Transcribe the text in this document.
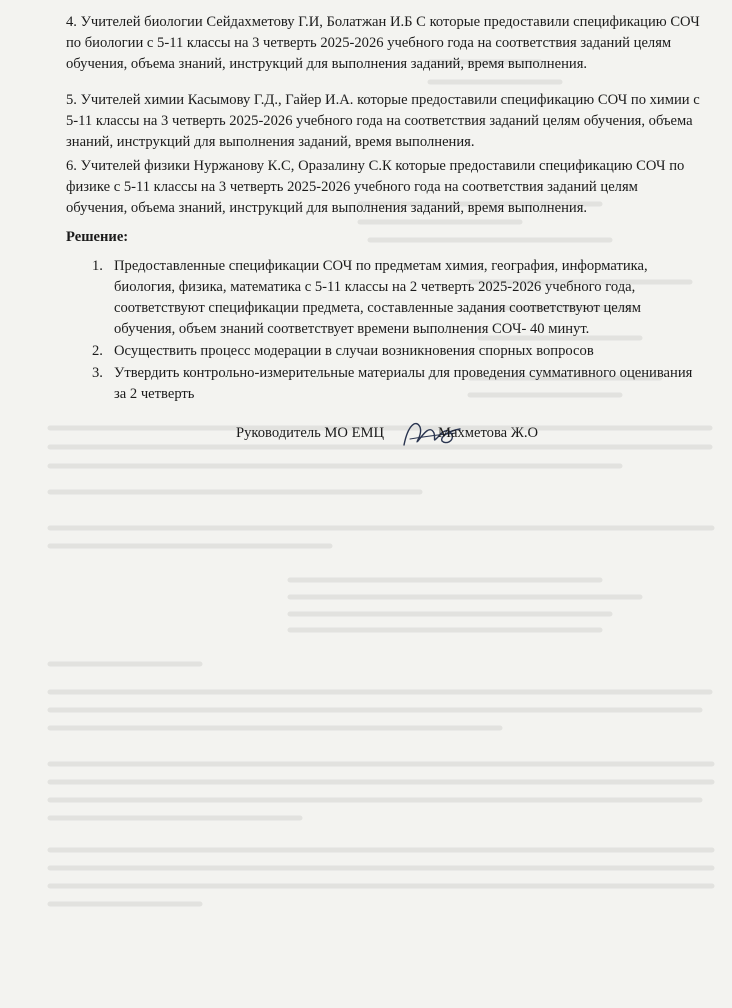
4. Учителей биологии Сейдахметову Г.И, Болатжан И.Б С которые предоставили спецификацию СОЧ по биологии с 5-11 классы на 3 четверть 2025-2026 учебного года на соответствия заданий целям обучения, объема знаний, инструкций для выполнения заданий, время выполнения.

5. Учителей химии Касымову Г.Д., Гайер И.А. которые предоставили спецификацию СОЧ по химии с 5-11 классы на 3 четверть 2025-2026 учебного года на соответствия заданий целям обучения, объема знаний, инструкций для выполнения заданий, время выполнения.

6. Учителей физики Нуржанову К.С, Оразалину С.К которые предоставили спецификацию СОЧ по физике с 5-11 классы на 3 четверть 2025-2026 учебного года на соответствия заданий целям обучения, объема знаний, инструкций для выполнения заданий, время выполнения.

Решение:

1. Предоставленные спецификации СОЧ по предметам химия, география, информатика, биология, физика, математика с 5-11 классы на 2 четверть 2025-2026 учебного года, соответствуют спецификации предмета, составленные задания соответствуют целям обучения, объем знаний соответствует времени выполнения СОЧ- 40 минут.
2. Осуществить процесс модерации в случаи возникновения спорных вопросов
3. Утвердить контрольно-измерительные материалы для проведения суммативного оценивания за 2 четверть
Руководитель МО ЕМЦ	Махметова Ж.О
